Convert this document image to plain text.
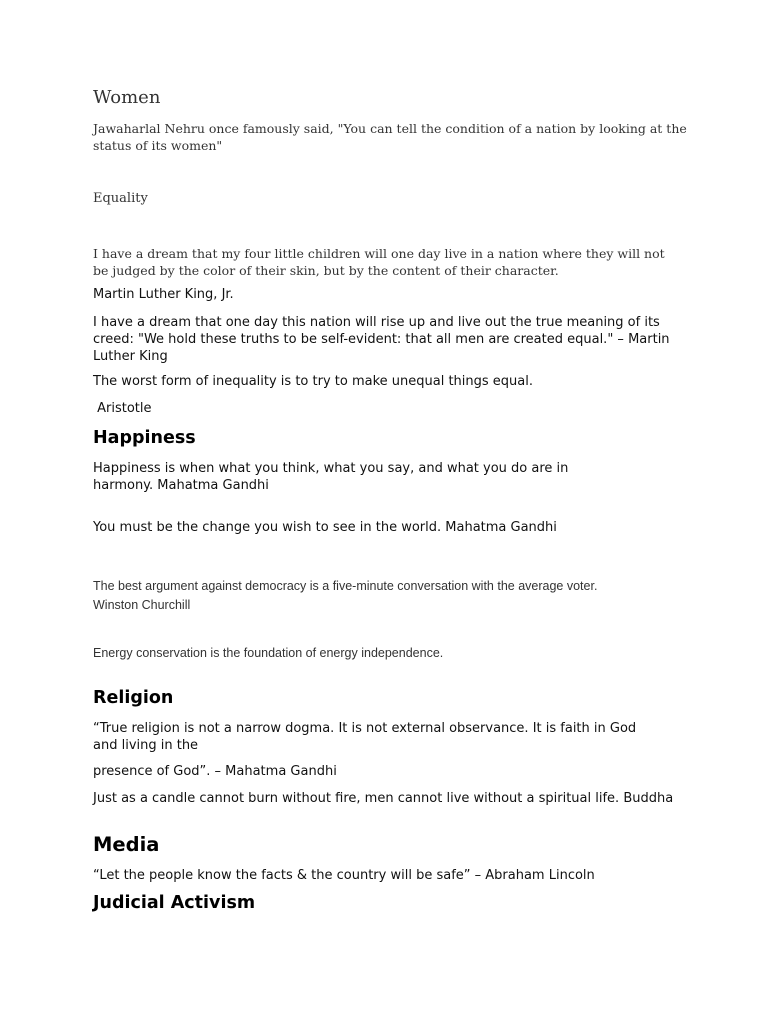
Women

Jawaharlal Nehru once famously said, "You can tell the condition of a nation by looking at the status of its women"

Equality

I have a dream that my four little children will one day live in a nation where they will not be judged by the color of their skin, but by the content of their character.

Martin Luther King, Jr.

I have a dream that one day this nation will rise up and live out the true meaning of its creed: "We hold these truths to be self-evident: that all men are created equal." – Martin Luther King

The worst form of inequality is to try to make unequal things equal.

Aristotle

Happiness

Happiness is when what you think, what you say, and what you do are in harmony. Mahatma Gandhi

You must be the change you wish to see in the world. Mahatma Gandhi

The best argument against democracy is a five-minute conversation with the average voter.

Winston Churchill

Energy conservation is the foundation of energy independence.

Religion

“True religion is not a narrow dogma. It is not external observance. It is faith in God and living in the

presence of God”. – Mahatma Gandhi

Just as a candle cannot burn without fire, men cannot live without a spiritual life. Buddha

Media

“Let the people know the facts & the country will be safe” – Abraham Lincoln

Judicial Activism
